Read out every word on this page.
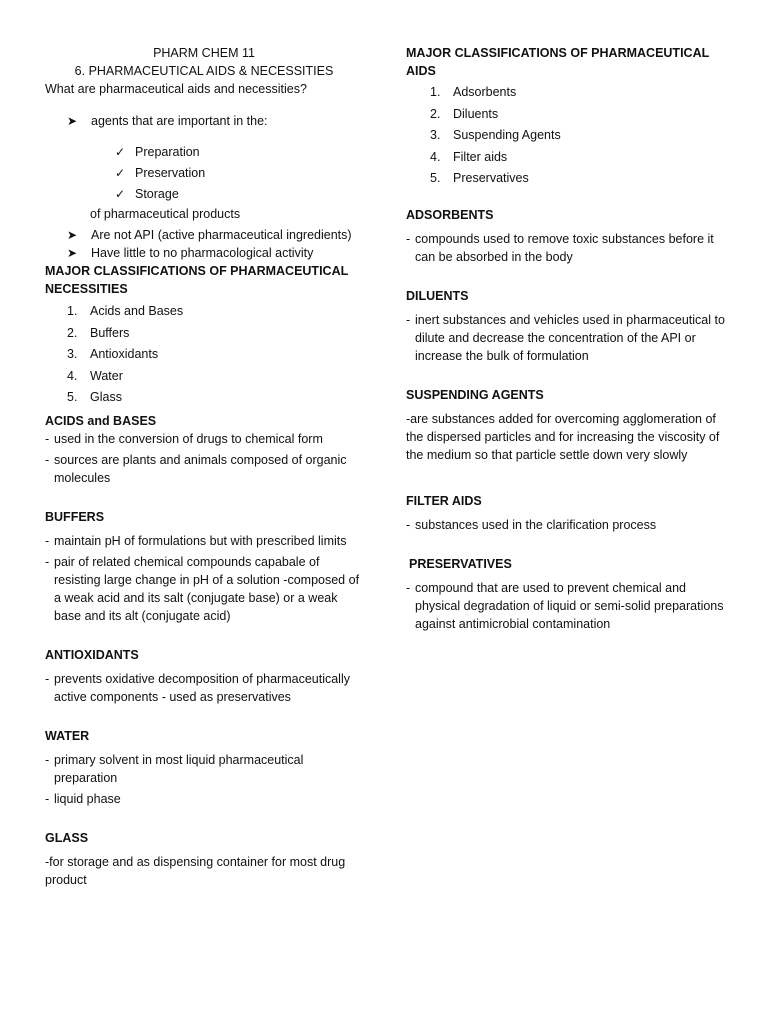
PHARM CHEM 11

6. PHARMACEUTICAL AIDS & NECESSITIES

What are pharmaceutical aids and necessities?

➤	agents that are important in the:
✓ Preparation
✓ Preservation
✓ Storage

of pharmaceutical products

➤	Are not API (active pharmaceutical ingredients)
➤	Have little to no pharmacological activity

MAJOR CLASSIFICATIONS OF PHARMACEUTICAL NECESSITIES

1.	Acids and Bases
2.	Buffers
3.	Antioxidants
4.	Water
5.	Glass

ACIDS and BASES

- used in the conversion of drugs to chemical form
- sources are plants and animals composed of organic molecules

BUFFERS

- maintain pH of formulations but with prescribed limits
- pair of related chemical compounds capabale of resisting large change in pH of a solution -composed of a weak acid and its salt (conjugate base) or a weak base and its alt (conjugate acid)

ANTIOXIDANTS

- prevents oxidative decomposition of pharmaceutically active components - used as preservatives

WATER

- primary solvent in most liquid pharmaceutical preparation
- liquid phase

GLASS

-for storage and as dispensing container for most drug product

MAJOR CLASSIFICATIONS OF PHARMACEUTICAL AIDS

1.	Adsorbents
2.	Diluents
3.	Suspending Agents
4.	Filter aids
5.	Preservatives

ADSORBENTS

- compounds used to remove toxic substances before it can be absorbed in the body

DILUENTS

- inert substances and vehicles used in pharmaceutical to dilute and decrease the concentration of the API or increase the bulk of formulation

SUSPENDING AGENTS

-are substances added for overcoming agglomeration of the dispersed particles and for increasing the viscosity of the medium so that particle settle down very slowly

FILTER AIDS

- substances used in the clarification process

PRESERVATIVES

- compound that are used to prevent chemical and physical degradation of liquid or semi-solid preparations against antimicrobial contamination
